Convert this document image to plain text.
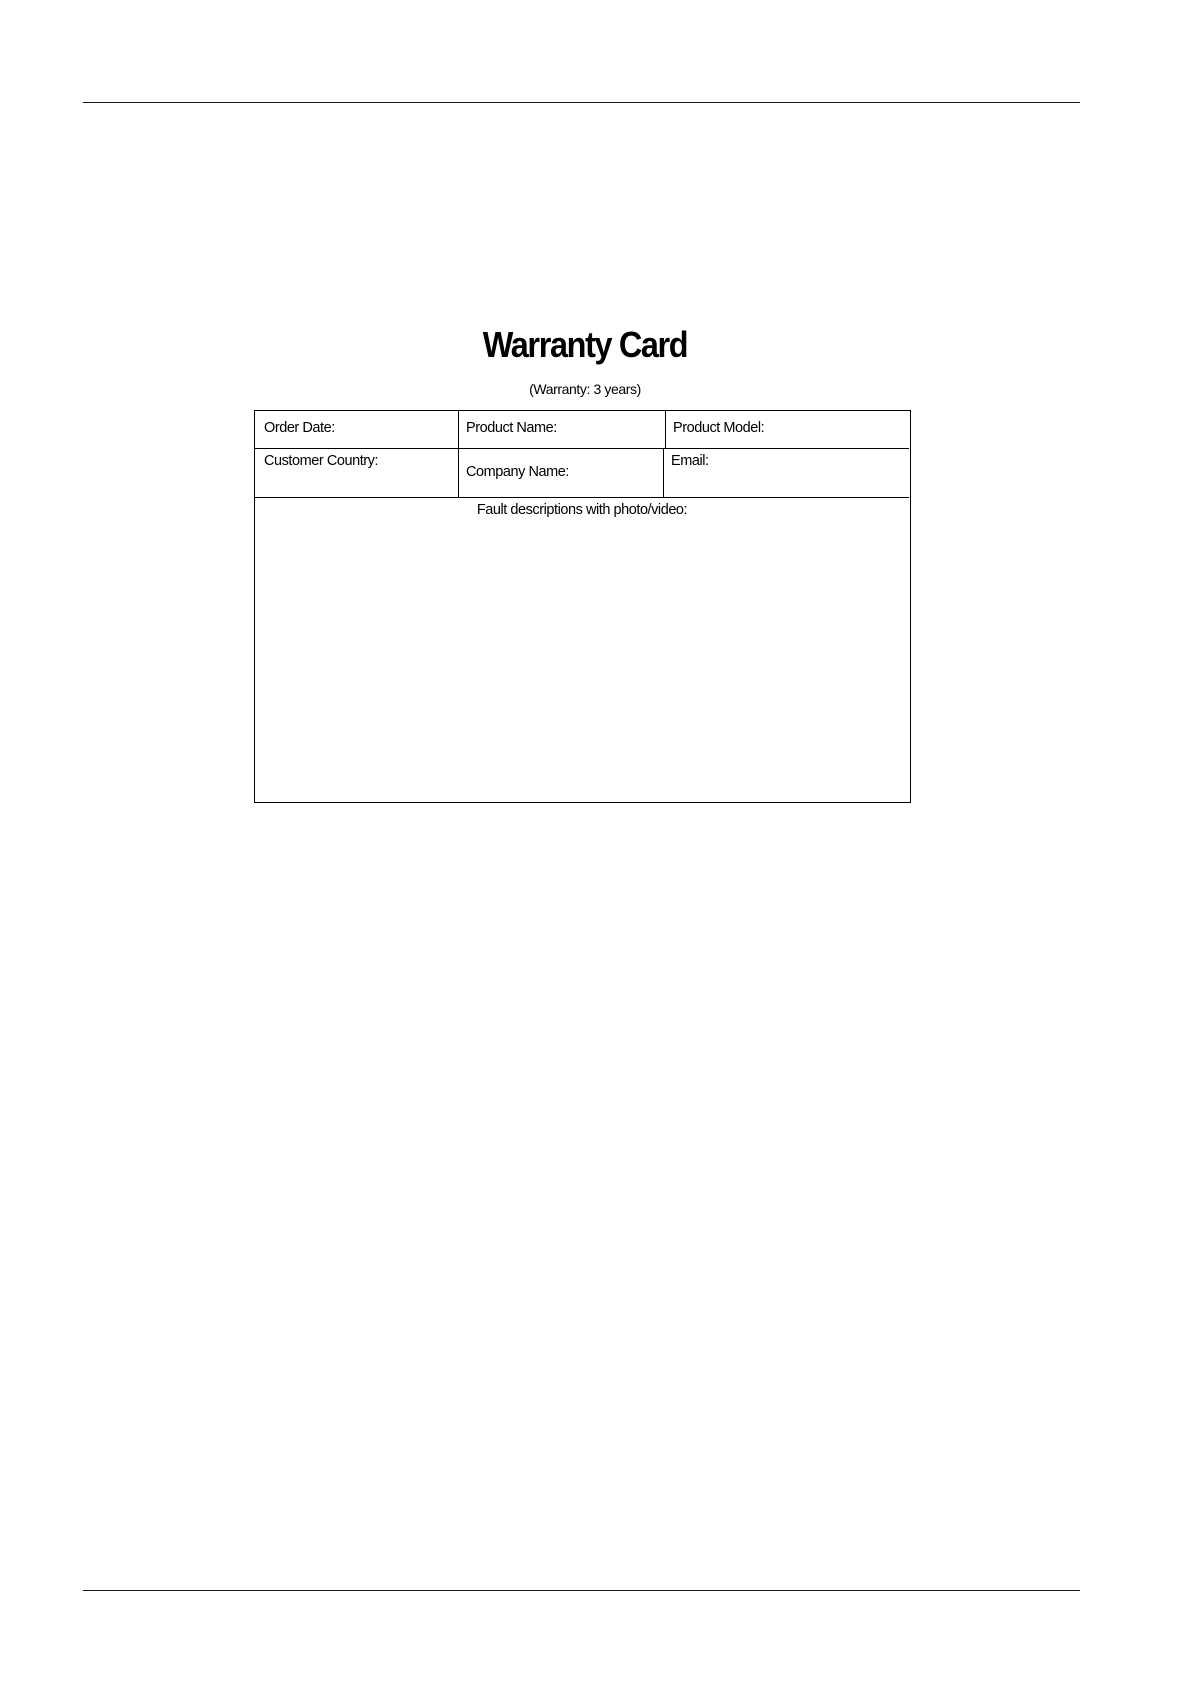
Warranty Card
(Warranty: 3 years)
Order Date:	Product Name:	Product Model:
Customer Country:
Company Name:
Email:
Fault descriptions with photo/video:
